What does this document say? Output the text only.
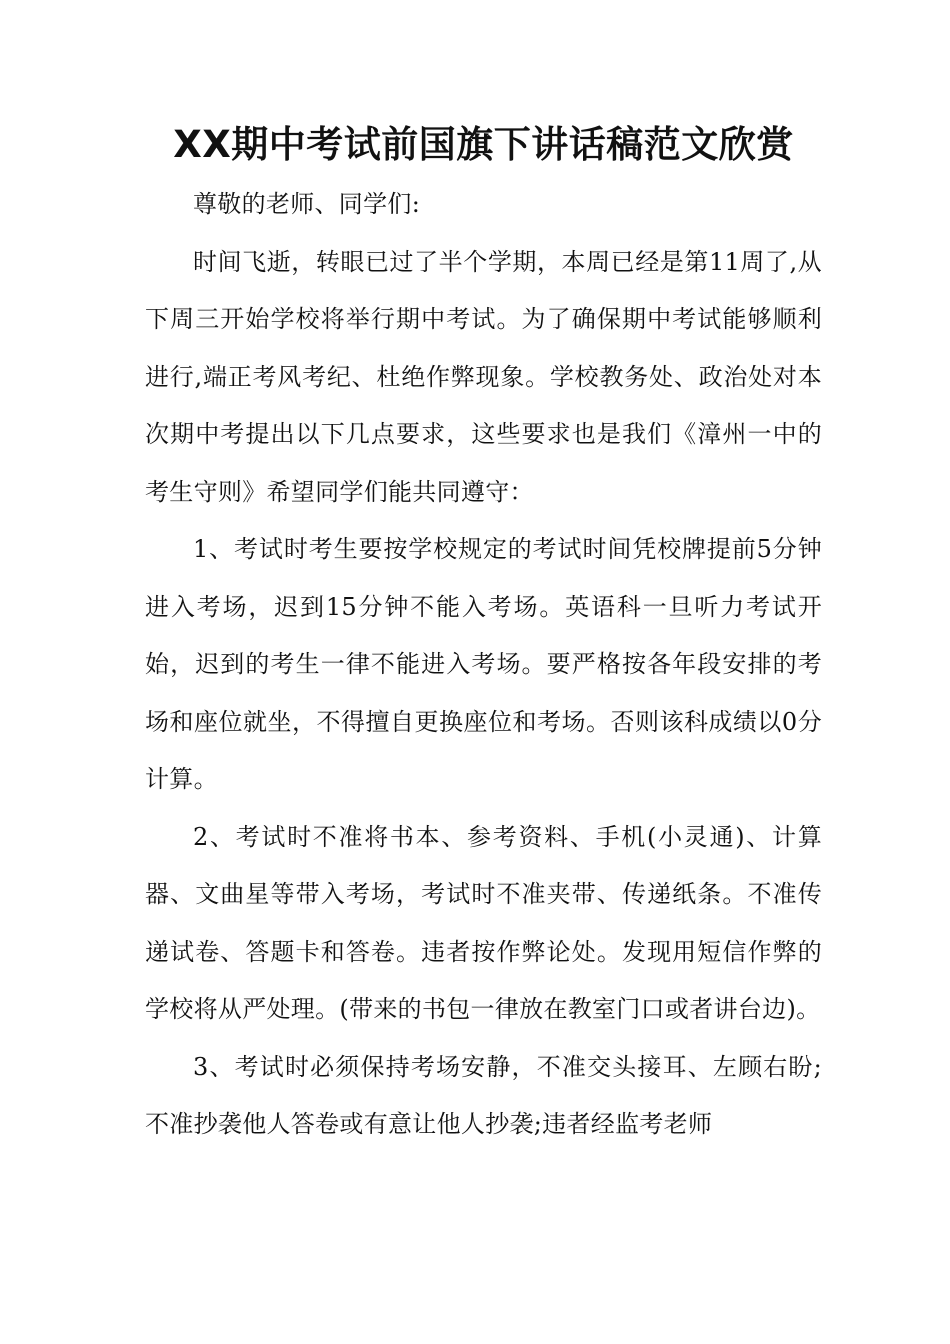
XX期中考试前国旗下讲话稿范文欣赏

尊敬的老师、同学们:

时间飞逝，转眼已过了半个学期，本周已经是第11周了,从下周三开始学校将举行期中考试。为了确保期中考试能够顺利进行,端正考风考纪、杜绝作弊现象。学校教务处、政治处对本次期中考提出以下几点要求，这些要求也是我们《漳州一中的考生守则》希望同学们能共同遵守：

1、考试时考生要按学校规定的考试时间凭校牌提前5分钟进入考场，迟到15分钟不能入考场。英语科一旦听力考试开始，迟到的考生一律不能进入考场。要严格按各年段安排的考场和座位就坐，不得擅自更换座位和考场。否则该科成绩以0分计算。

2、考试时不准将书本、参考资料、手机(小灵通)、计算器、文曲星等带入考场，考试时不准夹带、传递纸条。不准传递试卷、答题卡和答卷。违者按作弊论处。发现用短信作弊的学校将从严处理。(带来的书包一律放在教室门口或者讲台边)。

3、考试时必须保持考场安静，不准交头接耳、左顾右盼;不准抄袭他人答卷或有意让他人抄袭;违者经监考老师
